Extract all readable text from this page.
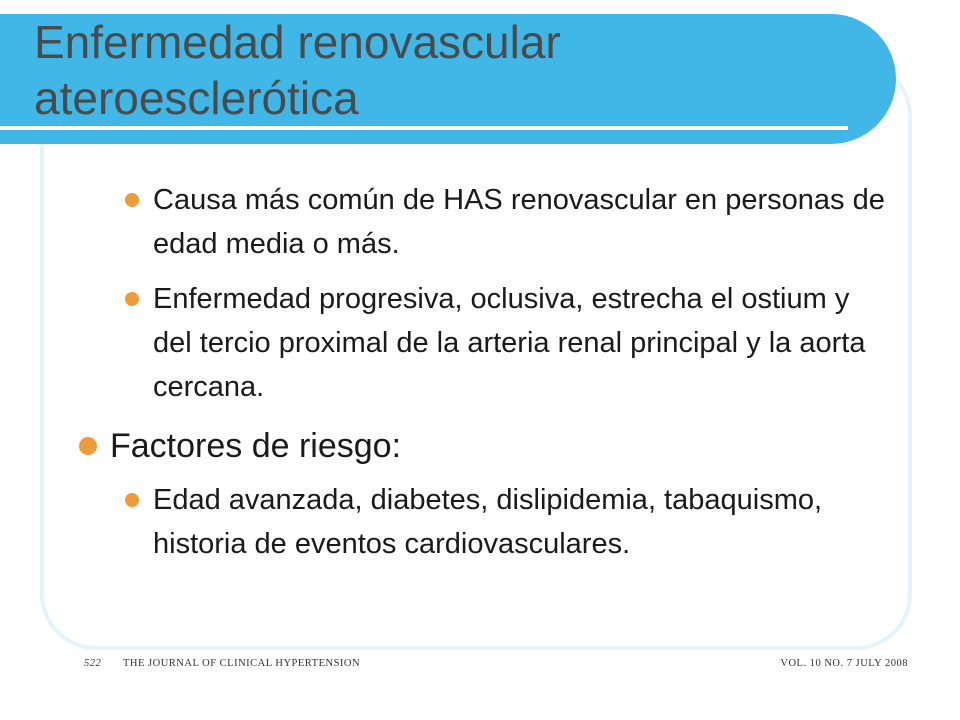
Enfermedad renovascular ateroesclerótica
Causa más común de HAS renovascular en personas de edad media o más.
Enfermedad progresiva, oclusiva, estrecha el ostium y del tercio proximal de la arteria renal principal y la aorta cercana.
Factores de riesgo:
Edad avanzada, diabetes, dislipidemia, tabaquismo, historia de eventos cardiovasculares.
522 THE JOURNAL OF CLINICAL HYPERTENSION	VOL. 10 NO. 7 JULY 2008
